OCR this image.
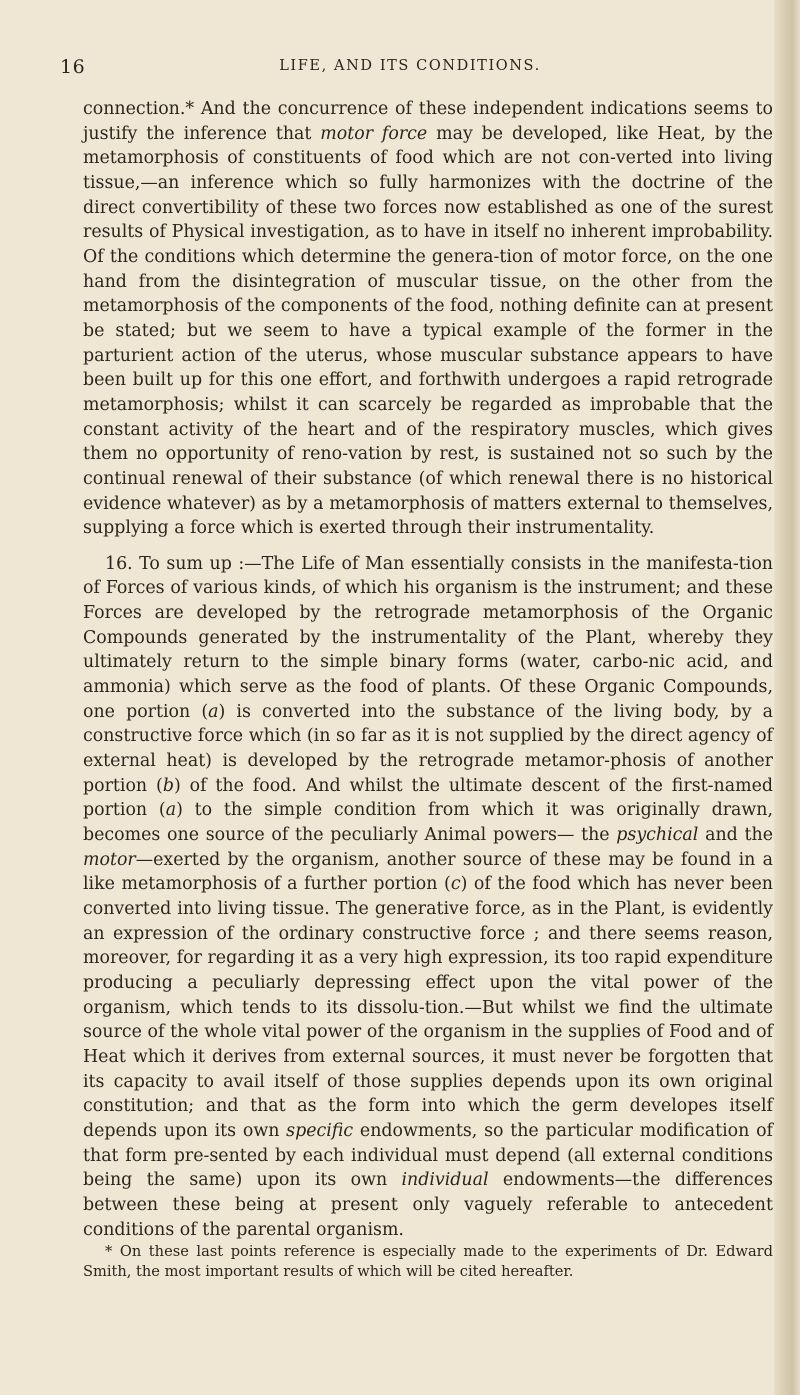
16	LIFE, AND ITS CONDITIONS.

connection.* And the concurrence of these independent indications seems to justify the inference that motor force may be developed, like Heat, by the metamorphosis of constituents of food which are not con-verted into living tissue,—an inference which so fully harmonizes with the doctrine of the direct convertibility of these two forces now established as one of the surest results of Physical investigation, as to have in itself no inherent improbability. Of the conditions which determine the genera-tion of motor force, on the one hand from the disintegration of muscular tissue, on the other from the metamorphosis of the components of the food, nothing definite can at present be stated; but we seem to have a typical example of the former in the parturient action of the uterus, whose muscular substance appears to have been built up for this one effort, and forthwith undergoes a rapid retrograde metamorphosis; whilst it can scarcely be regarded as improbable that the constant activity of the heart and of the respiratory muscles, which gives them no opportunity of reno-vation by rest, is sustained not so such by the continual renewal of their substance (of which renewal there is no historical evidence whatever) as by a metamorphosis of matters external to themselves, supplying a force which is exerted through their instrumentality.

16. To sum up :—The Life of Man essentially consists in the manifesta-tion of Forces of various kinds, of which his organism is the instrument; and these Forces are developed by the retrograde metamorphosis of the Organic Compounds generated by the instrumentality of the Plant, whereby they ultimately return to the simple binary forms (water, carbo-nic acid, and ammonia) which serve as the food of plants. Of these Organic Compounds, one portion (a) is converted into the substance of the living body, by a constructive force which (in so far as it is not supplied by the direct agency of external heat) is developed by the retrograde metamor-phosis of another portion (b) of the food. And whilst the ultimate descent of the first-named portion (a) to the simple condition from which it was originally drawn, becomes one source of the peculiarly Animal powers— the psychical and the motor—exerted by the organism, another source of these may be found in a like metamorphosis of a further portion (c) of the food which has never been converted into living tissue. The generative force, as in the Plant, is evidently an expression of the ordinary constructive force ; and there seems reason, moreover, for regarding it as a very high expression, its too rapid expenditure producing a peculiarly depressing effect upon the vital power of the organism, which tends to its dissolu-tion.—But whilst we find the ultimate source of the whole vital power of the organism in the supplies of Food and of Heat which it derives from external sources, it must never be forgotten that its capacity to avail itself of those supplies depends upon its own original constitution; and that as the form into which the germ developes itself depends upon its own specific endowments, so the particular modification of that form pre-sented by each individual must depend (all external conditions being the same) upon its own individual endowments—the differences between these being at present only vaguely referable to antecedent conditions of the parental organism.

* On these last points reference is especially made to the experiments of Dr. Edward Smith, the most important results of which will be cited hereafter.
